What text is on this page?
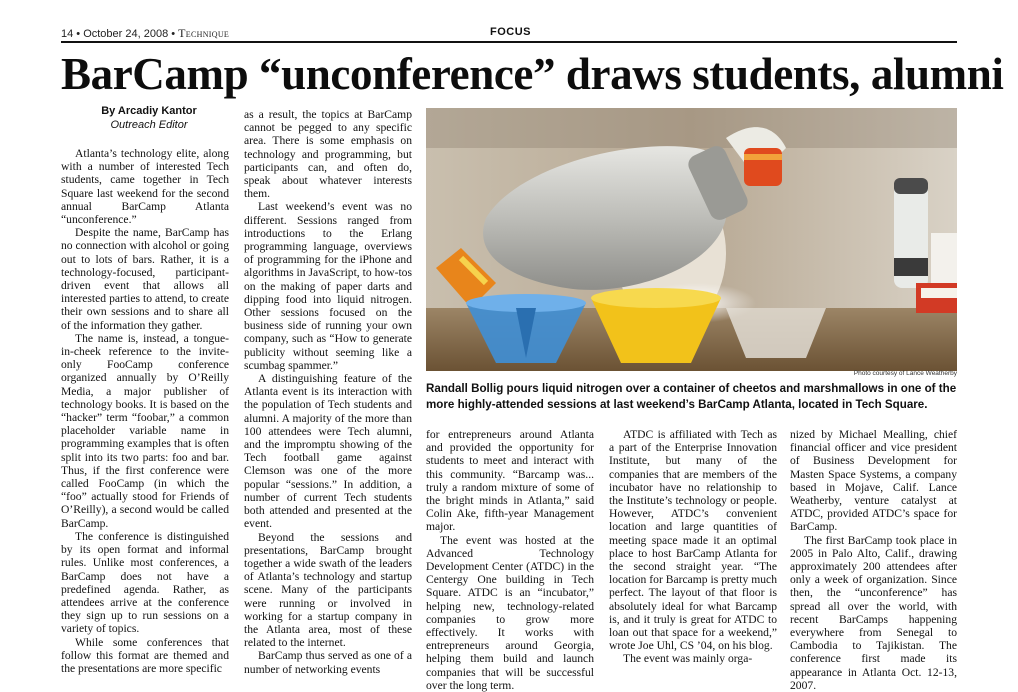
14 • October 24, 2008 • Technique	FOCUS
BarCamp “unconference” draws students, alumni
By Arcadiy Kantor
Outreach Editor

Atlanta’s technology elite, along with a number of interested Tech students, came together in Tech Square last weekend for the second annual BarCamp Atlanta “unconference.”

Despite the name, BarCamp has no connection with alcohol or going out to lots of bars. Rather, it is a technology-focused, participant-driven event that allows all interested parties to attend, to create their own sessions and to share all of the information they gather.

The name is, instead, a tongue-in-cheek reference to the invite-only FooCamp conference organized annually by O’Reilly Media, a major publisher of technology books. It is based on the “hacker” term “foobar,” a common placeholder variable name in programming examples that is often split into its two parts: foo and bar. Thus, if the first conference were called FooCamp (in which the “foo” actually stood for Friends of O’Reilly), a second would be called BarCamp.

The conference is distinguished by its open format and informal rules. Unlike most conferences, a BarCamp does not have a predefined agenda. Rather, as attendees arrive at the conference they sign up to run sessions on a variety of topics.

While some conferences that follow this format are themed and the presentations are more specific

as a result, the topics at BarCamp cannot be pegged to any specific area. There is some emphasis on technology and programming, but participants can, and often do, speak about whatever interests them.

Last weekend’s event was no different. Sessions ranged from introductions to the Erlang programming language, overviews of programming for the iPhone and algorithms in JavaScript, to how-tos on the making of paper darts and dipping food into liquid nitrogen. Other sessions focused on the business side of running your own company, such as “How to generate publicity without seeming like a scumbag spammer.”

A distinguishing feature of the Atlanta event is its interaction with the population of Tech students and alumni. A majority of the more than 100 attendees were Tech alumni, and the impromptu showing of the Tech football game against Clemson was one of the more popular “sessions.” In addition, a number of current Tech students both attended and presented at the event.

Beyond the sessions and presentations, BarCamp brought together a wide swath of the leaders of Atlanta’s technology and startup scene. Many of the participants were running or involved in working for a startup company in the Atlanta area, most of these related to the internet.

BarCamp thus served as one of a number of networking events

Photo courtesy of Lance Weatherby
Randall Bollig pours liquid nitrogen over a container of cheetos and marshmallows in one of the more highly-attended sessions at last weekend’s BarCamp Atlanta, located in Tech Square.

for entrepreneurs around Atlanta and provided the opportunity for students to meet and interact with this community. “Barcamp was... truly a random mixture of some of the bright minds in Atlanta,” said Colin Ake, fifth-year Management major.

The event was hosted at the Advanced Technology Development Center (ATDC) in the Centergy One building in Tech Square. ATDC is an “incubator,” helping new, technology-related companies to grow more effectively. It works with entrepreneurs around Georgia, helping them build and launch companies that will be successful over the long term.

ATDC is affiliated with Tech as a part of the Enterprise Innovation Institute, but many of the companies that are members of the incubator have no relationship to the Institute’s technology or people. However, ATDC’s convenient location and large quantities of meeting space made it an optimal place to host BarCamp Atlanta for the second straight year. “The location for Barcamp is pretty much perfect. The layout of that floor is absolutely ideal for what Barcamp is, and it truly is great for ATDC to loan out that space for a weekend,” wrote Joe Uhl, CS ’04, on his blog.

The event was mainly orga-

nized by Michael Mealling, chief financial officer and vice president of Business Development for Masten Space Systems, a company based in Mojave, Calif. Lance Weatherby, venture catalyst at ATDC, provided ATDC’s space for BarCamp.

The first BarCamp took place in 2005 in Palo Alto, Calif., drawing approximately 200 attendees after only a week of organization. Since then, the “unconference” has spread all over the world, with recent BarCamps happening everywhere from Senegal to Cambodia to Tajikistan. The conference first made its appearance in Atlanta Oct. 12-13, 2007.
